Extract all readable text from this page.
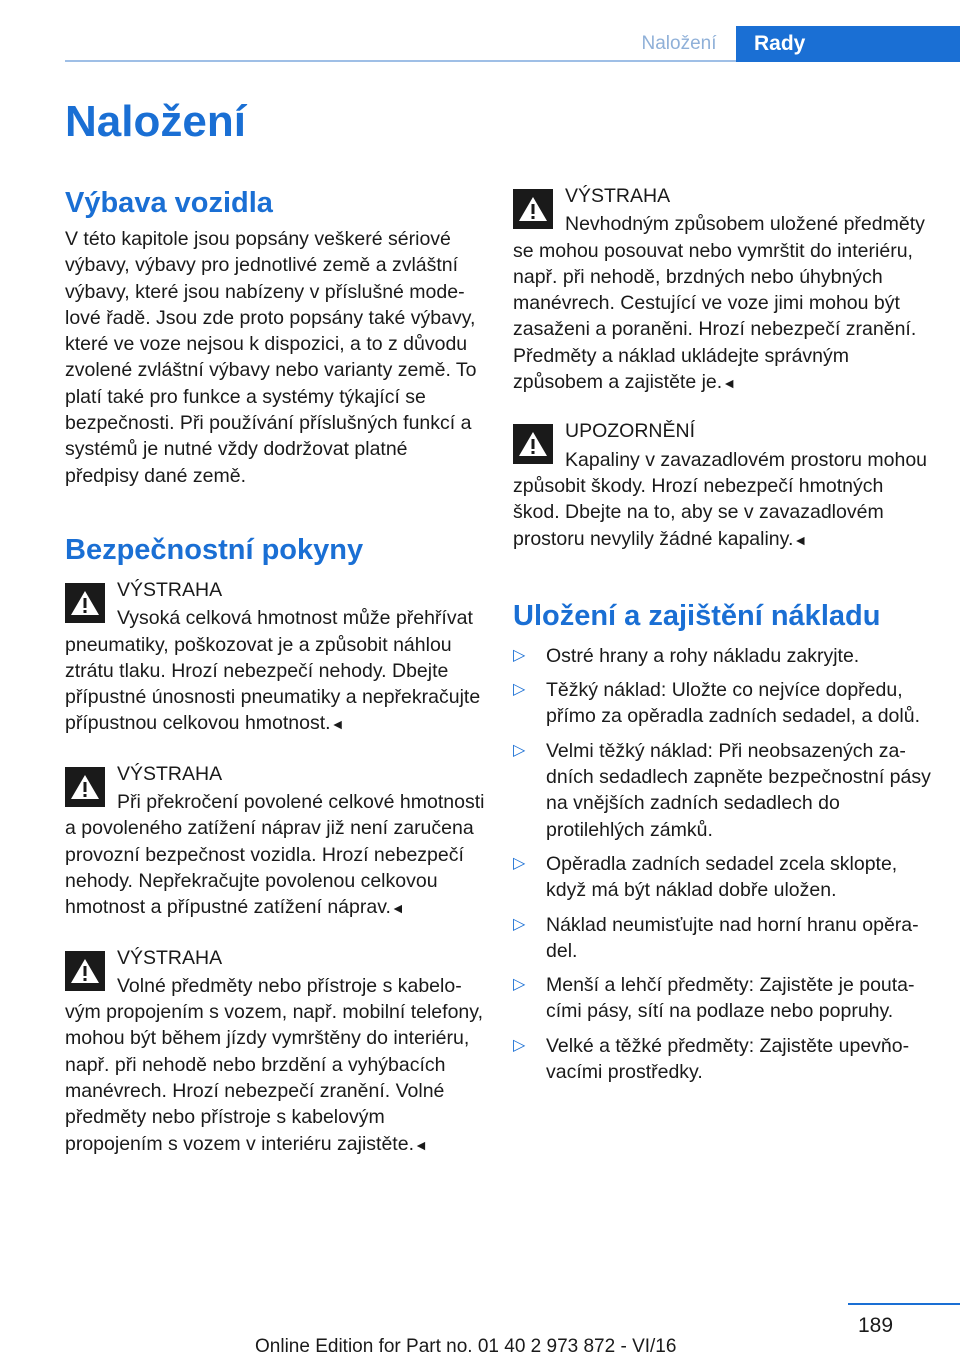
Naložení	Rady
Naložení
Výbava vozidla

V této kapitole jsou popsány veškeré sériové výbavy, výbavy pro jednotlivé země a zvláštní výbavy, které jsou nabízeny v příslušné modelové řadě. Jsou zde proto popsány také výbavy, které ve voze nejsou k dispozici, a to z důvodu zvolené zvláštní výbavy nebo varianty země. To platí také pro funkce a systémy týkající se bezpečnosti. Při používání příslušných funkcí a systémů je nutné vždy dodržovat platné předpisy dané země.

Bezpečnostní pokyny
VÝSTRAHA
Vysoká celková hmotnost může přehřívat pneumatiky, poškozovat je a způsobit náhlou ztrátu tlaku. Hrozí nebezpečí nehody. Dbejte přípustné únosnosti pneumatiky a nepřekračujte přípustnou celkovou hmotnost.◄
VÝSTRAHA
Při překročení povolené celkové hmotnosti a povoleného zatížení náprav již není zaručena provozní bezpečnost vozidla. Hrozí nebezpečí nehody. Nepřekračujte povolenou celkovou hmotnost a přípustné zatížení náprav.◄
VÝSTRAHA
Volné předměty nebo přístroje s kabelovým propojením s vozem, např. mobilní telefony, mohou být během jízdy vymrštěny do interiéru, např. při nehodě nebo brzdění a vyhýbacích manévrech. Hrozí nebezpečí zranění. Volné předměty nebo přístroje s kabelovým propojením s vozem v interiéru zajistěte.◄
VÝSTRAHA
Nevhodným způsobem uložené předměty se mohou posouvat nebo vymrštit do interiéru, např. při nehodě, brzdných nebo úhybných manévrech. Cestující ve voze jimi mohou být zasaženi a poraněni. Hrozí nebezpečí zranění. Předměty a náklad ukládejte správným způsobem a zajistěte je.◄
UPOZORNĚNÍ
Kapaliny v zavazadlovém prostoru mohou způsobit škody. Hrozí nebezpečí hmotných škod. Dbejte na to, aby se v zavazadlovém prostoru nevylily žádné kapaliny.◄
Uložení a zajištění nákladu
▷ Ostré hrany a rohy nákladu zakryjte.
▷ Těžký náklad: Uložte co nejvíce dopředu, přímo za opěradla zadních sedadel, a dolů.
▷ Velmi těžký náklad: Při neobsazených zadních sedadlech zapněte bezpečnostní pásy na vnějších zadních sedadlech do protilehlých zámků.
▷ Opěradla zadních sedadel zcela sklopte, když má být náklad dobře uložen.
▷ Náklad neumisťujte nad horní hranu opěradel.
▷ Menší a lehčí předměty: Zajistěte je poutacími pásy, sítí na podlaze nebo popruhy.
▷ Velké a těžké předměty: Zajistěte upevňovacími prostředky.
189
Online Edition for Part no. 01 40 2 973 872 - VI/16
